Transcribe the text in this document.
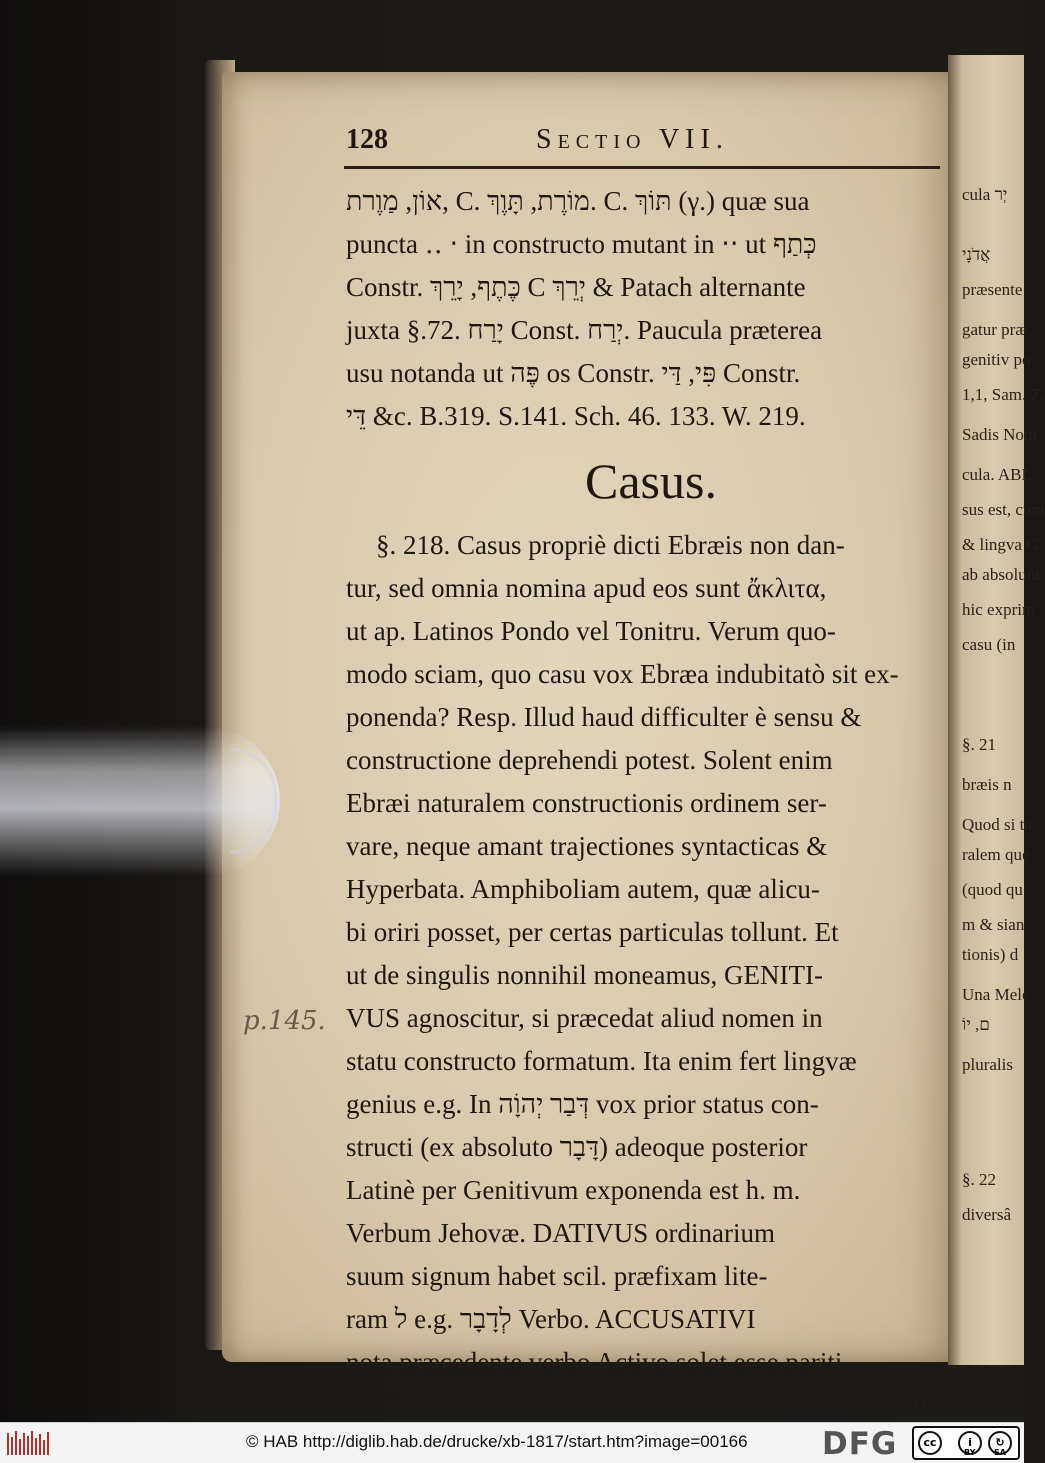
cula יְר
אֲדֹנָי
præsente
gatur præ
genitiv po
1,1, Sam. 7.
Sadis Nom
cula. ABL
sus est, cum
& lingva G
ab absolutu
hic exprim
casu (in
§. 21
bræis n
Quod si ta
ralem que
(quod qu
m & sian
tionis) d
Una Mele
ם, יוֹ
pluralis
§. 22
diversâ
128	Sectio VII.
אוֹן, מַוֶרת, C. מוֹרֶת, תָּוֶךְ. C. תּוֹךְ (γ.) quæ sua
puncta ‥ ‧ in constructo mutant in ‧‧ ut כְּתַף
Constr. כֶּתֶף, יָרֵךְ C יְרֵךְ & Patach alternante
juxta §.72. יָרַח Const. יְרַח. Paucula præterea
usu notanda ut פֶּה os Constr. פִּי, דַּי Constr.
דֵּי &c. B.319. S.141. Sch. 46. 133. W. 219.
Casus.
§. 218. Casus propriè dicti Ebræis non dan-
tur, sed omnia nomina apud eos sunt ἄκλιτα,
ut ap. Latinos Pondo vel Tonitru. Verum quo-
modo sciam, quo casu vox Ebræa indubitatò sit ex-
ponenda? Resp. Illud haud difficulter è sensu &
constructione deprehendi potest. Solent enim
Ebræi naturalem constructionis ordinem ser-
vare, neque amant trajectiones syntacticas &
Hyperbata. Amphiboliam autem, quæ alicu-
bi oriri posset, per certas particulas tollunt. Et
ut de singulis nonnihil moneamus, GENITI-
VUS agnoscitur, si præcedat aliud nomen in
statu constructo formatum. Ita enim fert lingvæ
genius e.g. In דְּבַר יְהוָֹה vox prior status con-
structi (ex absoluto דָּבָר) adeoque posterior
Latinè per Genitivum exponenda est h. m.
Verbum Jehovæ. DATIVUS ordinarium
suum signum habet scil. præfixam lite-
ram ל e.g. לְדָבָר Verbo. ACCUSATIVI
nota præcedente verbo Activo solet esse pariti-
cula
p.145.
© HAB http://diglib.hab.de/drucke/xb-1817/start.htm?image=00166 DFG	cc	i	↻
BY SA
